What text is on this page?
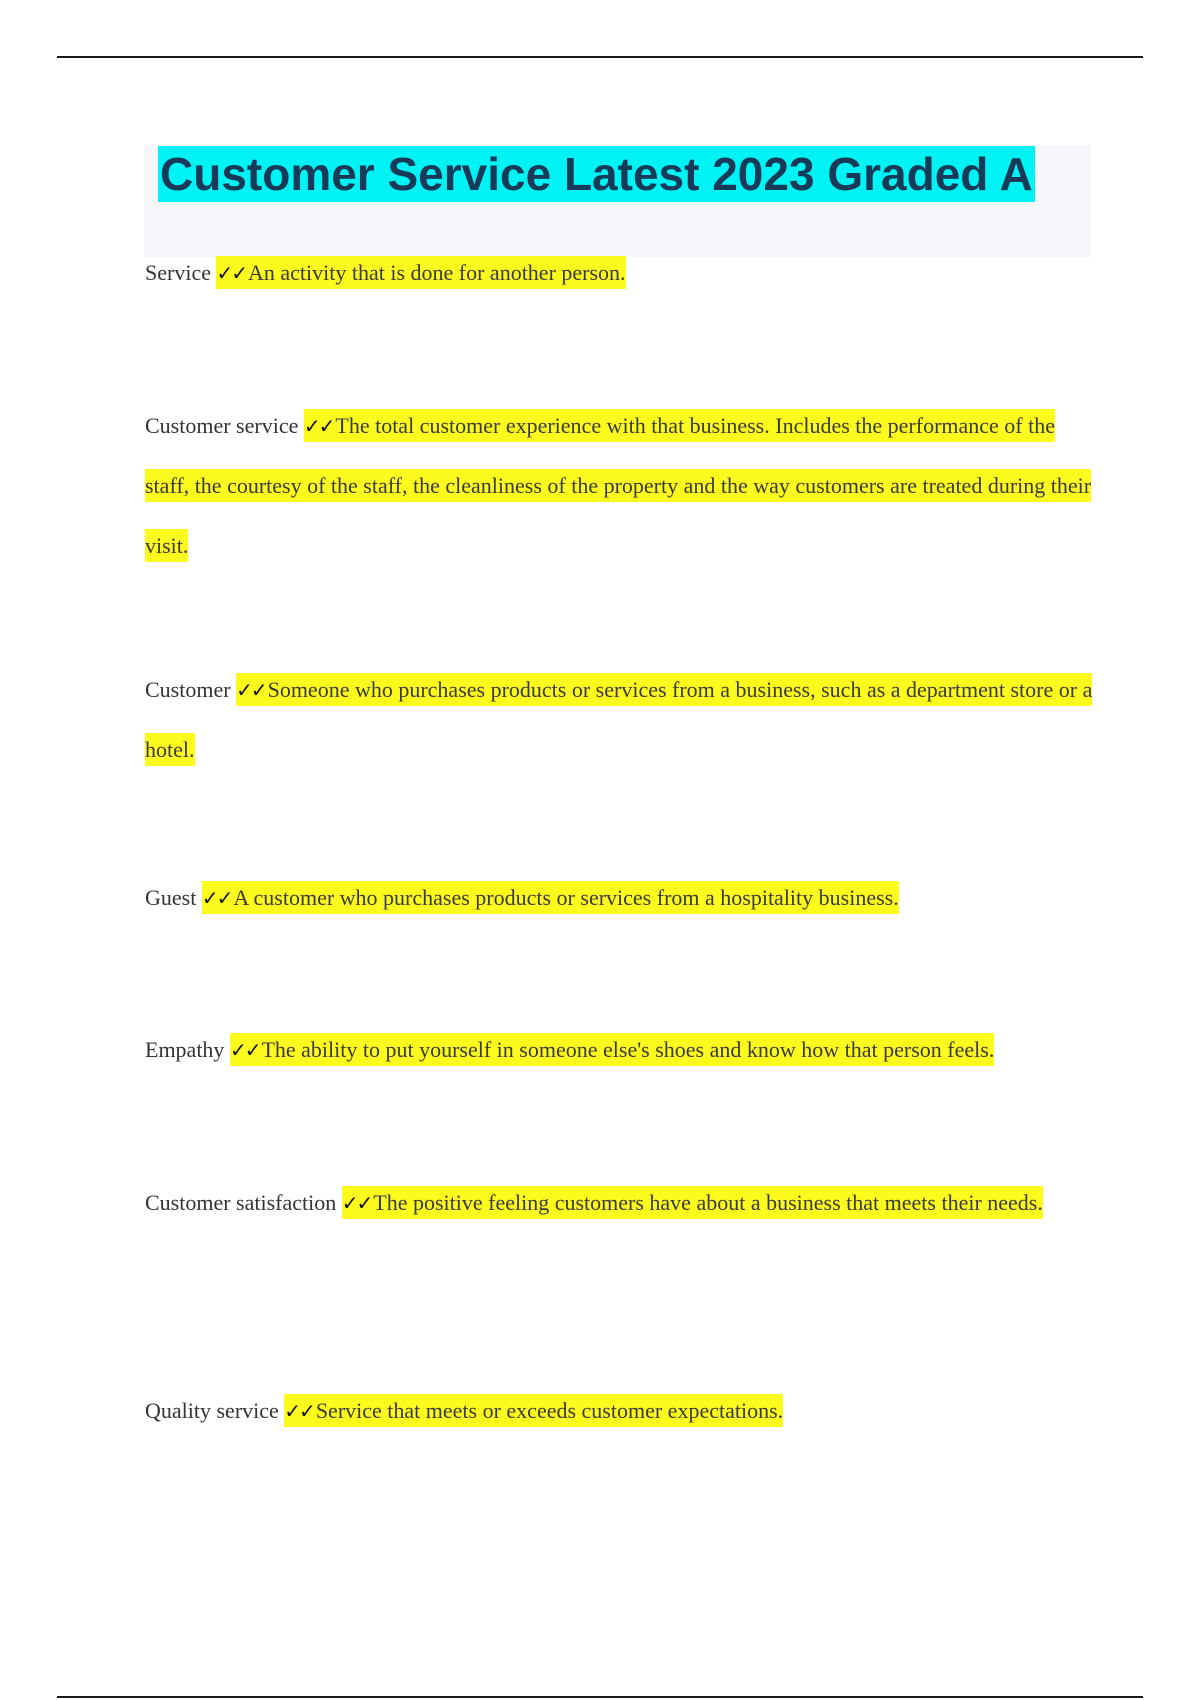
Customer Service Latest 2023 Graded A

Service ✓✓An activity that is done for another person.

Customer service ✓✓The total customer experience with that business. Includes the performance of the staff, the courtesy of the staff, the cleanliness of the property and the way customers are treated during their visit.

Customer ✓✓Someone who purchases products or services from a business, such as a department store or a hotel.

Guest ✓✓A customer who purchases products or services from a hospitality business.

Empathy ✓✓The ability to put yourself in someone else's shoes and know how that person feels.

Customer satisfaction ✓✓The positive feeling customers have about a business that meets their needs.

Quality service ✓✓Service that meets or exceeds customer expectations.
